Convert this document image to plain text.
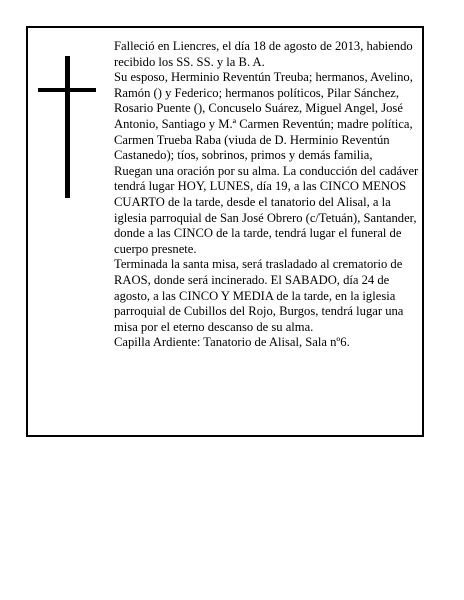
Falleció en Liencres, el día 18 de agosto de 2013, habiendo recibido los SS. SS. y la B. A.

Su esposo, Herminio Reventún Treuba; hermanos, Avelino, Ramón () y Federico; hermanos políticos, Pilar Sánchez, Rosario Puente (), Concuselo Suárez, Miguel Angel, José Antonio, Santiago y M.ª Carmen Reventún; madre política, Carmen Trueba Raba (viuda de D. Herminio Reventún Castanedo); tíos, sobrinos, primos y demás familia,

Ruegan una oración por su alma. La conducción del cadáver tendrá lugar HOY, LUNES, día 19, a las CINCO MENOS CUARTO de la tarde, desde el tanatorio del Alisal, a la iglesia parroquial de San José Obrero (c/Tetuán), Santander, donde a las CINCO de la tarde, tendrá lugar el funeral de cuerpo presnete.

Terminada la santa misa, será trasladado al crematorio de RAOS, donde será incinerado. El SABADO, día 24 de agosto, a las CINCO Y MEDIA de la tarde, en la iglesia parroquial de Cubillos del Rojo, Burgos, tendrá lugar una misa por el eterno descanso de su alma.

Capilla Ardiente: Tanatorio de Alisal, Sala nº6.
